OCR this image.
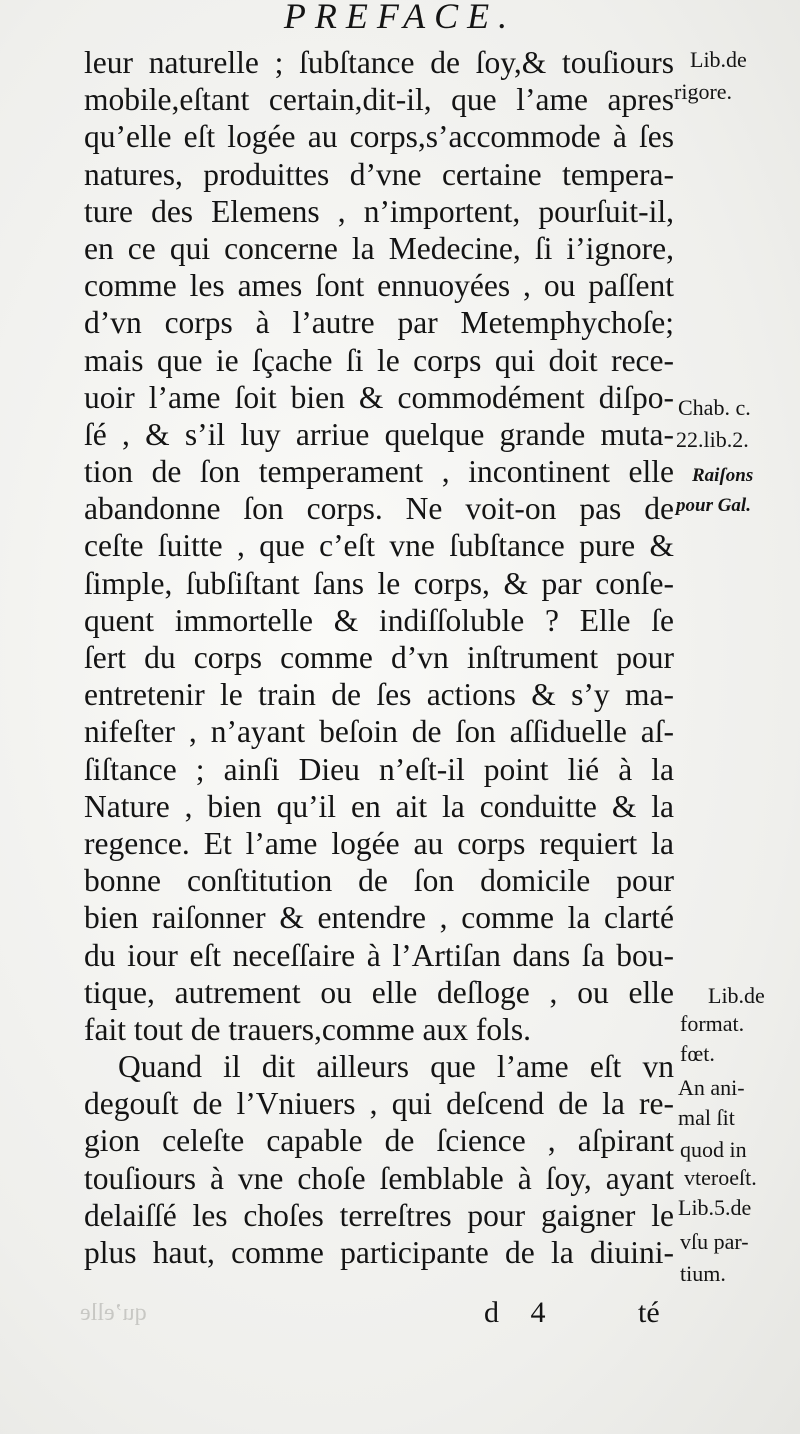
PREFACE.
leur naturelle ; ſubſtance de ſoy,& touſiours
mobile,eſtant certain,dit-il, que l’ame apres
qu’elle eſt logée au corps,s’accommode à ſes
natures, produittes d’vne certaine tempera-
ture des Elemens , n’importent, pourſuit-il,
en ce qui concerne la Medecine, ſi i’ignore,
comme les ames ſont ennuoyées , ou paſſent
d’vn corps à l’autre par Metemphychoſe;
mais que ie ſçache ſi le corps qui doit rece-
uoir l’ame ſoit bien & commodément diſpo-
ſé , & s’il luy arriue quelque grande muta-
tion de ſon temperament , incontinent elle
abandonne ſon corps. Ne voit-on pas de
ceſte ſuitte , que c’eſt vne ſubſtance pure &
ſimple, ſubſiſtant ſans le corps, & par conſe-
quent immortelle & indiſſoluble ? Elle ſe
ſert du corps comme d’vn inſtrument pour
entretenir le train de ſes actions & s’y ma-
nifeſter , n’ayant beſoin de ſon aſſiduelle aſ-
ſiſtance ; ainſi Dieu n’eſt-il point lié à la
Nature , bien qu’il en ait la conduitte & la
regence. Et l’ame logée au corps requiert la
bonne conſtitution de ſon domicile pour
bien raiſonner & entendre , comme la clarté
du iour eſt neceſſaire à l’Artiſan dans ſa bou-
tique, autrement ou elle deſloge , ou elle
fait tout de trauers,comme aux fols.
Quand il dit ailleurs que l’ame eſt vn
degouſt de l’Vniuers , qui deſcend de la re-
gion celeſte capable de ſcience , aſpirant
touſiours à vne choſe ſemblable à ſoy, ayant
delaiſſé les choſes terreſtres pour gaigner le
plus haut, comme participante de la diuini-
Lib.de
rigore.
Chab. c.
22.lib.2.
Raiſons
pour Gal.
Lib.de
format.
fœt.
An ani-
mal ſit
quod in
vteroeſt.
Lib.5.de
vſu par-
tium.
qu’elle	d 4	té
